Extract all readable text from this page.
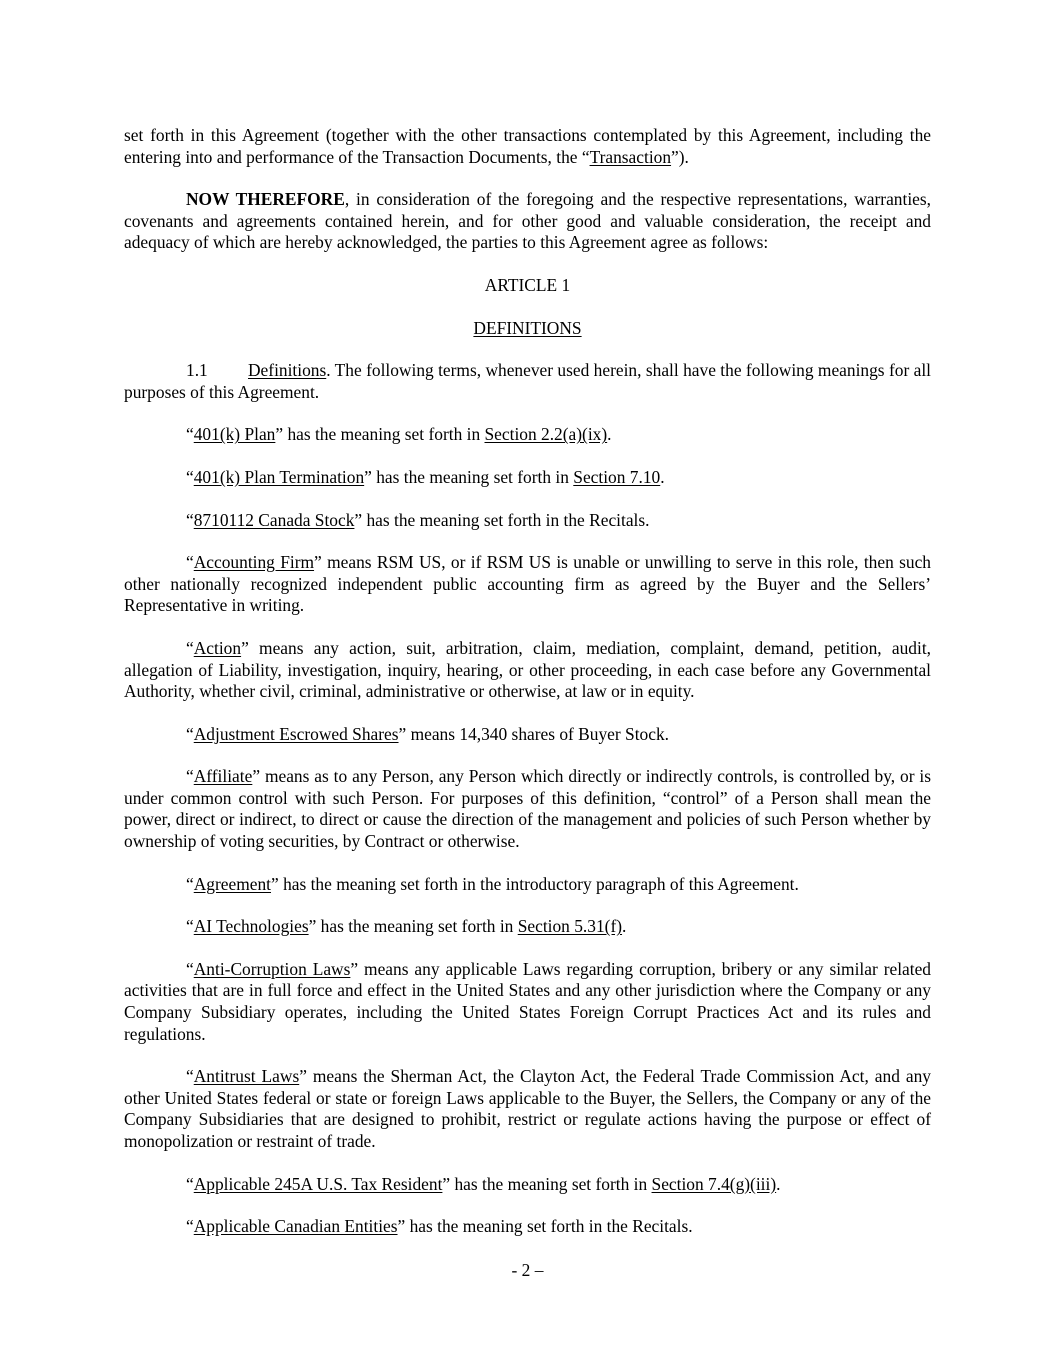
set forth in this Agreement (together with the other transactions contemplated by this Agreement, including the entering into and performance of the Transaction Documents, the “Transaction”).

NOW THEREFORE, in consideration of the foregoing and the respective representations, warranties, covenants and agreements contained herein, and for other good and valuable consideration, the receipt and adequacy of which are hereby acknowledged, the parties to this Agreement agree as follows:

ARTICLE 1

DEFINITIONS

1.1 Definitions. The following terms, whenever used herein, shall have the following meanings for all purposes of this Agreement.

“401(k) Plan” has the meaning set forth in Section 2.2(a)(ix).

“401(k) Plan Termination” has the meaning set forth in Section 7.10.

“8710112 Canada Stock” has the meaning set forth in the Recitals.

“Accounting Firm” means RSM US, or if RSM US is unable or unwilling to serve in this role, then such other nationally recognized independent public accounting firm as agreed by the Buyer and the Sellers’ Representative in writing.

“Action” means any action, suit, arbitration, claim, mediation, complaint, demand, petition, audit, allegation of Liability, investigation, inquiry, hearing, or other proceeding, in each case before any Governmental Authority, whether civil, criminal, administrative or otherwise, at law or in equity.

“Adjustment Escrowed Shares” means 14,340 shares of Buyer Stock.

“Affiliate” means as to any Person, any Person which directly or indirectly controls, is controlled by, or is under common control with such Person. For purposes of this definition, “control” of a Person shall mean the power, direct or indirect, to direct or cause the direction of the management and policies of such Person whether by ownership of voting securities, by Contract or otherwise.

“Agreement” has the meaning set forth in the introductory paragraph of this Agreement.

“AI Technologies” has the meaning set forth in Section 5.31(f).

“Anti-Corruption Laws” means any applicable Laws regarding corruption, bribery or any similar related activities that are in full force and effect in the United States and any other jurisdiction where the Company or any Company Subsidiary operates, including the United States Foreign Corrupt Practices Act and its rules and regulations.

“Antitrust Laws” means the Sherman Act, the Clayton Act, the Federal Trade Commission Act, and any other United States federal or state or foreign Laws applicable to the Buyer, the Sellers, the Company or any of the Company Subsidiaries that are designed to prohibit, restrict or regulate actions having the purpose or effect of monopolization or restraint of trade.

“Applicable 245A U.S. Tax Resident” has the meaning set forth in Section 7.4(g)(iii).

“Applicable Canadian Entities” has the meaning set forth in the Recitals.

- 2 –
